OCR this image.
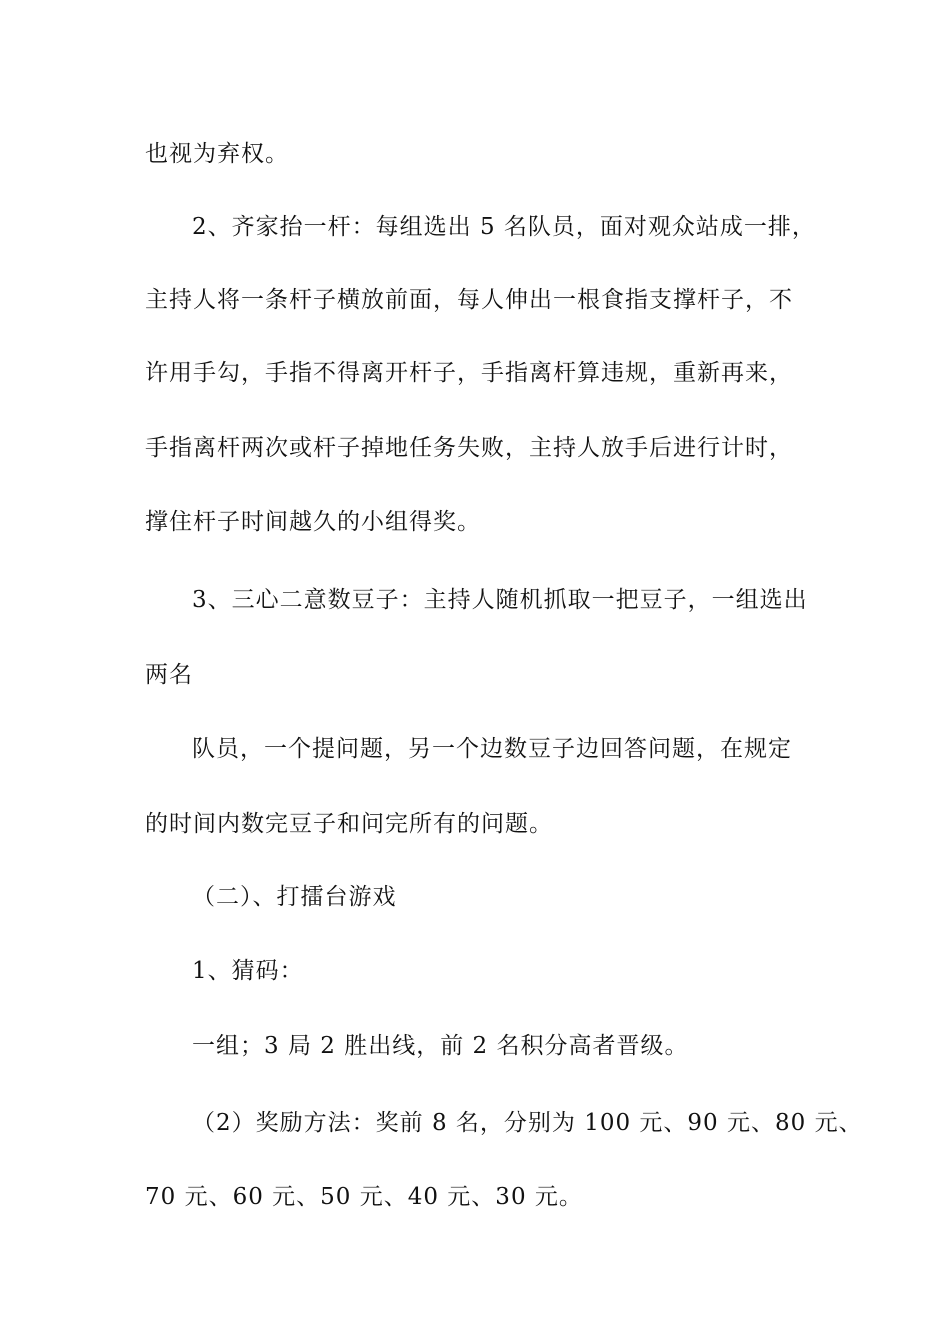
也视为弃权。
2、齐家抬一杆：每组选出 5 名队员，面对观众站成一排，
主持人将一条杆子横放前面，每人伸出一根食指支撑杆子，不
许用手勾，手指不得离开杆子，手指离杆算违规，重新再来，
手指离杆两次或杆子掉地任务失败，主持人放手后进行计时，
撑住杆子时间越久的小组得奖。
3、三心二意数豆子：主持人随机抓取一把豆子，一组选出
两名
队员，一个提问题，另一个边数豆子边回答问题，在规定
的时间内数完豆子和问完所有的问题。
（二）、打擂台游戏
1、猜码：
一组；3 局 2 胜出线，前 2 名积分高者晋级。
（2）奖励方法：奖前 8 名，分别为 100 元、90 元、80 元、
70 元、60 元、50 元、40 元、30 元。
